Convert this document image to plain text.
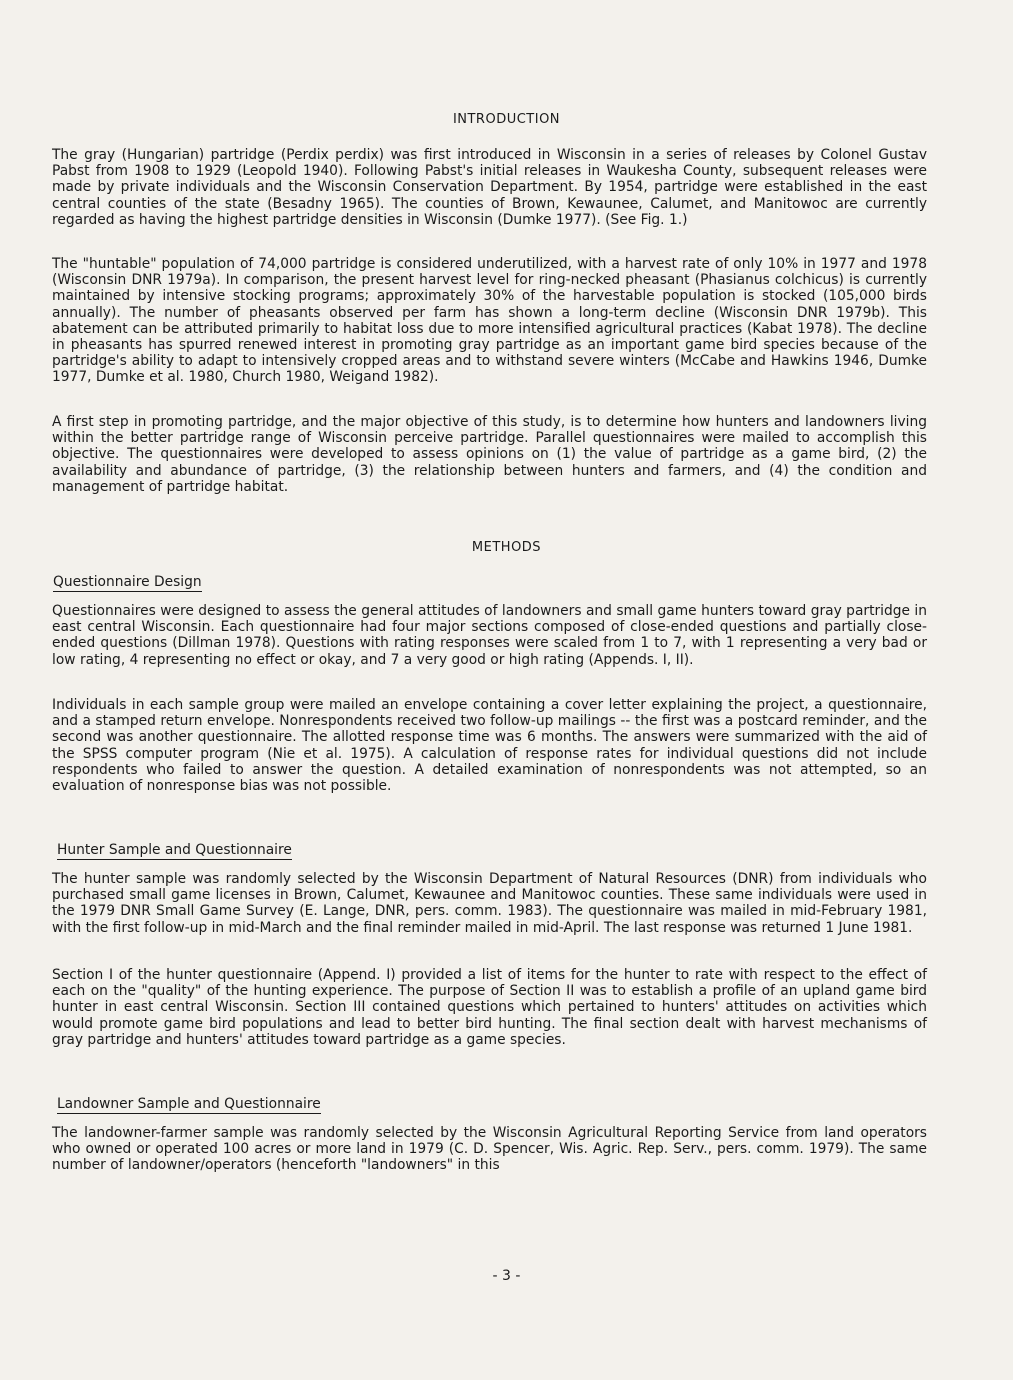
INTRODUCTION

The gray (Hungarian) partridge (Perdix perdix) was first introduced in Wisconsin in a series of releases by Colonel Gustav Pabst from 1908 to 1929 (Leopold 1940). Following Pabst's initial releases in Waukesha County, subsequent releases were made by private individuals and the Wisconsin Conservation Department. By 1954, partridge were established in the east central counties of the state (Besadny 1965). The counties of Brown, Kewaunee, Calumet, and Manitowoc are currently regarded as having the highest partridge densities in Wisconsin (Dumke 1977). (See Fig. 1.)

The "huntable" population of 74,000 partridge is considered underutilized, with a harvest rate of only 10% in 1977 and 1978 (Wisconsin DNR 1979a). In comparison, the present harvest level for ring-necked pheasant (Phasianus colchicus) is currently maintained by intensive stocking programs; approximately 30% of the harvestable population is stocked (105,000 birds annually). The number of pheasants observed per farm has shown a long-term decline (Wisconsin DNR 1979b). This abatement can be attributed primarily to habitat loss due to more intensified agricultural practices (Kabat 1978). The decline in pheasants has spurred renewed interest in promoting gray partridge as an important game bird species because of the partridge's ability to adapt to intensively cropped areas and to withstand severe winters (McCabe and Hawkins 1946, Dumke 1977, Dumke et al. 1980, Church 1980, Weigand 1982).

A first step in promoting partridge, and the major objective of this study, is to determine how hunters and landowners living within the better partridge range of Wisconsin perceive partridge. Parallel questionnaires were mailed to accomplish this objective. The questionnaires were developed to assess opinions on (1) the value of partridge as a game bird, (2) the availability and abundance of partridge, (3) the relationship between hunters and farmers, and (4) the condition and management of partridge habitat.

METHODS
Questionnaire Design

Questionnaires were designed to assess the general attitudes of landowners and small game hunters toward gray partridge in east central Wisconsin. Each questionnaire had four major sections composed of close-ended questions and partially close-ended questions (Dillman 1978). Questions with rating responses were scaled from 1 to 7, with 1 representing a very bad or low rating, 4 representing no effect or okay, and 7 a very good or high rating (Appends. I, II).

Individuals in each sample group were mailed an envelope containing a cover letter explaining the project, a questionnaire, and a stamped return envelope. Nonrespondents received two follow-up mailings -- the first was a postcard reminder, and the second was another questionnaire. The allotted response time was 6 months. The answers were summarized with the aid of the SPSS computer program (Nie et al. 1975). A calculation of response rates for individual questions did not include respondents who failed to answer the question. A detailed examination of nonrespondents was not attempted, so an evaluation of nonresponse bias was not possible.

Hunter Sample and Questionnaire

The hunter sample was randomly selected by the Wisconsin Department of Natural Resources (DNR) from individuals who purchased small game licenses in Brown, Calumet, Kewaunee and Manitowoc counties. These same individuals were used in the 1979 DNR Small Game Survey (E. Lange, DNR, pers. comm. 1983). The questionnaire was mailed in mid-February 1981, with the first follow-up in mid-March and the final reminder mailed in mid-April. The last response was returned 1 June 1981.

Section I of the hunter questionnaire (Append. I) provided a list of items for the hunter to rate with respect to the effect of each on the "quality" of the hunting experience. The purpose of Section II was to establish a profile of an upland game bird hunter in east central Wisconsin. Section III contained questions which pertained to hunters' attitudes on activities which would promote game bird populations and lead to better bird hunting. The final section dealt with harvest mechanisms of gray partridge and hunters' attitudes toward partridge as a game species.

Landowner Sample and Questionnaire

The landowner-farmer sample was randomly selected by the Wisconsin Agricultural Reporting Service from land operators who owned or operated 100 acres or more land in 1979 (C. D. Spencer, Wis. Agric. Rep. Serv., pers. comm. 1979). The same number of landowner/operators (henceforth "landowners" in this

- 3 -
